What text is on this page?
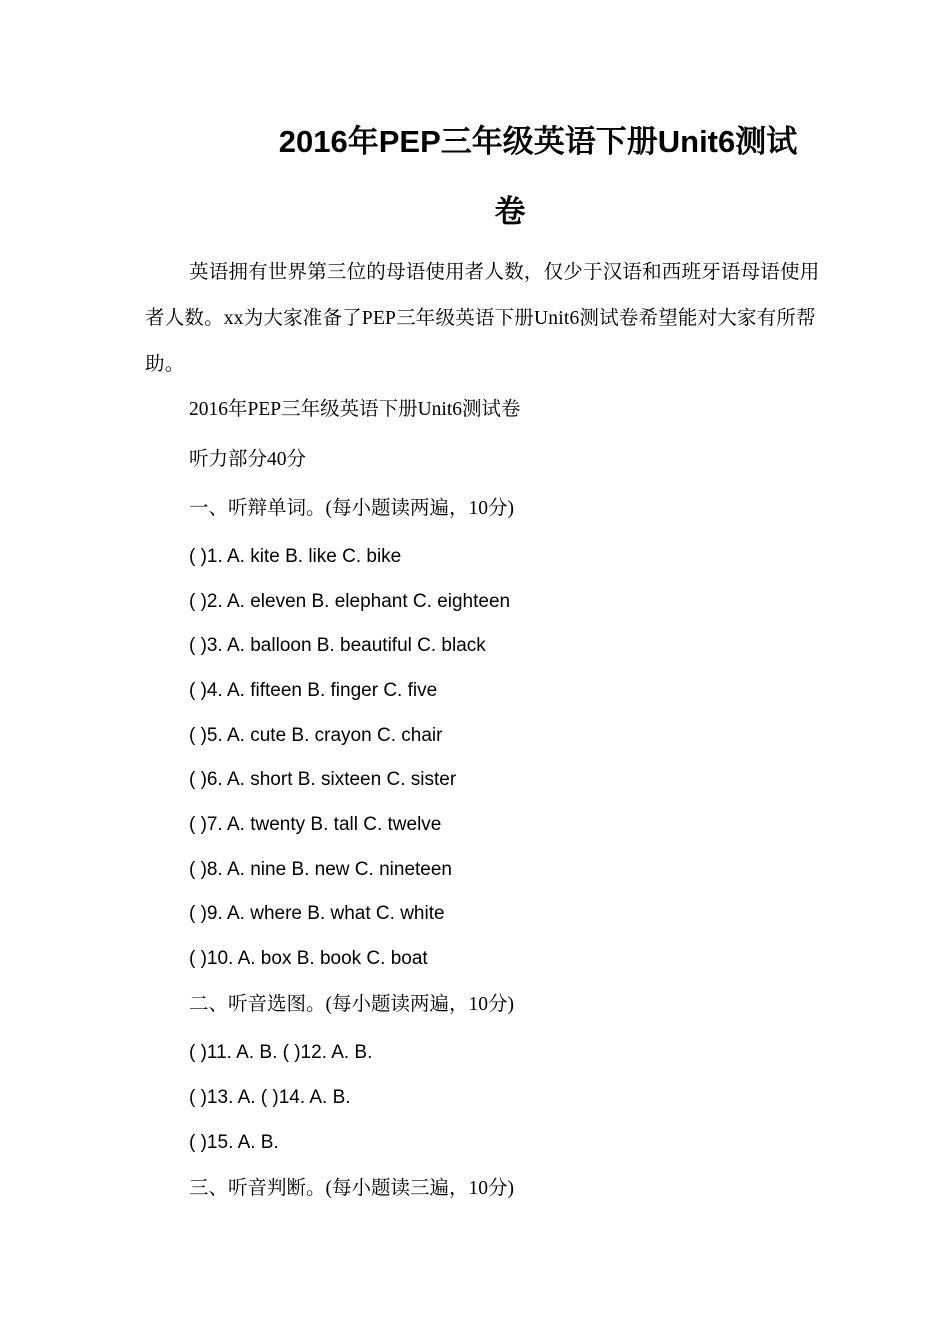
2016年PEP三年级英语下册Unit6测试
卷

英语拥有世界第三位的母语使用者人数，仅少于汉语和西班牙语母语使用者人数。xx为大家准备了PEP三年级英语下册Unit6测试卷希望能对大家有所帮助。

2016年PEP三年级英语下册Unit6测试卷

听力部分40分

一、听辩单词。(每小题读两遍，10分)

( )1. A. kite B. like C. bike

( )2. A. eleven B. elephant C. eighteen

( )3. A. balloon B. beautiful C. black

( )4. A. fifteen B. finger C. five

( )5. A. cute B. crayon C. chair

( )6. A. short B. sixteen C. sister

( )7. A. twenty B. tall C. twelve

( )8. A. nine B. new C. nineteen

( )9. A. where B. what C. white

( )10. A. box B. book C. boat

二、听音选图。(每小题读两遍，10分)

( )11. A. B. ( )12. A. B.

( )13. A. ( )14. A. B.

( )15. A. B.

三、听音判断。(每小题读三遍，10分)
